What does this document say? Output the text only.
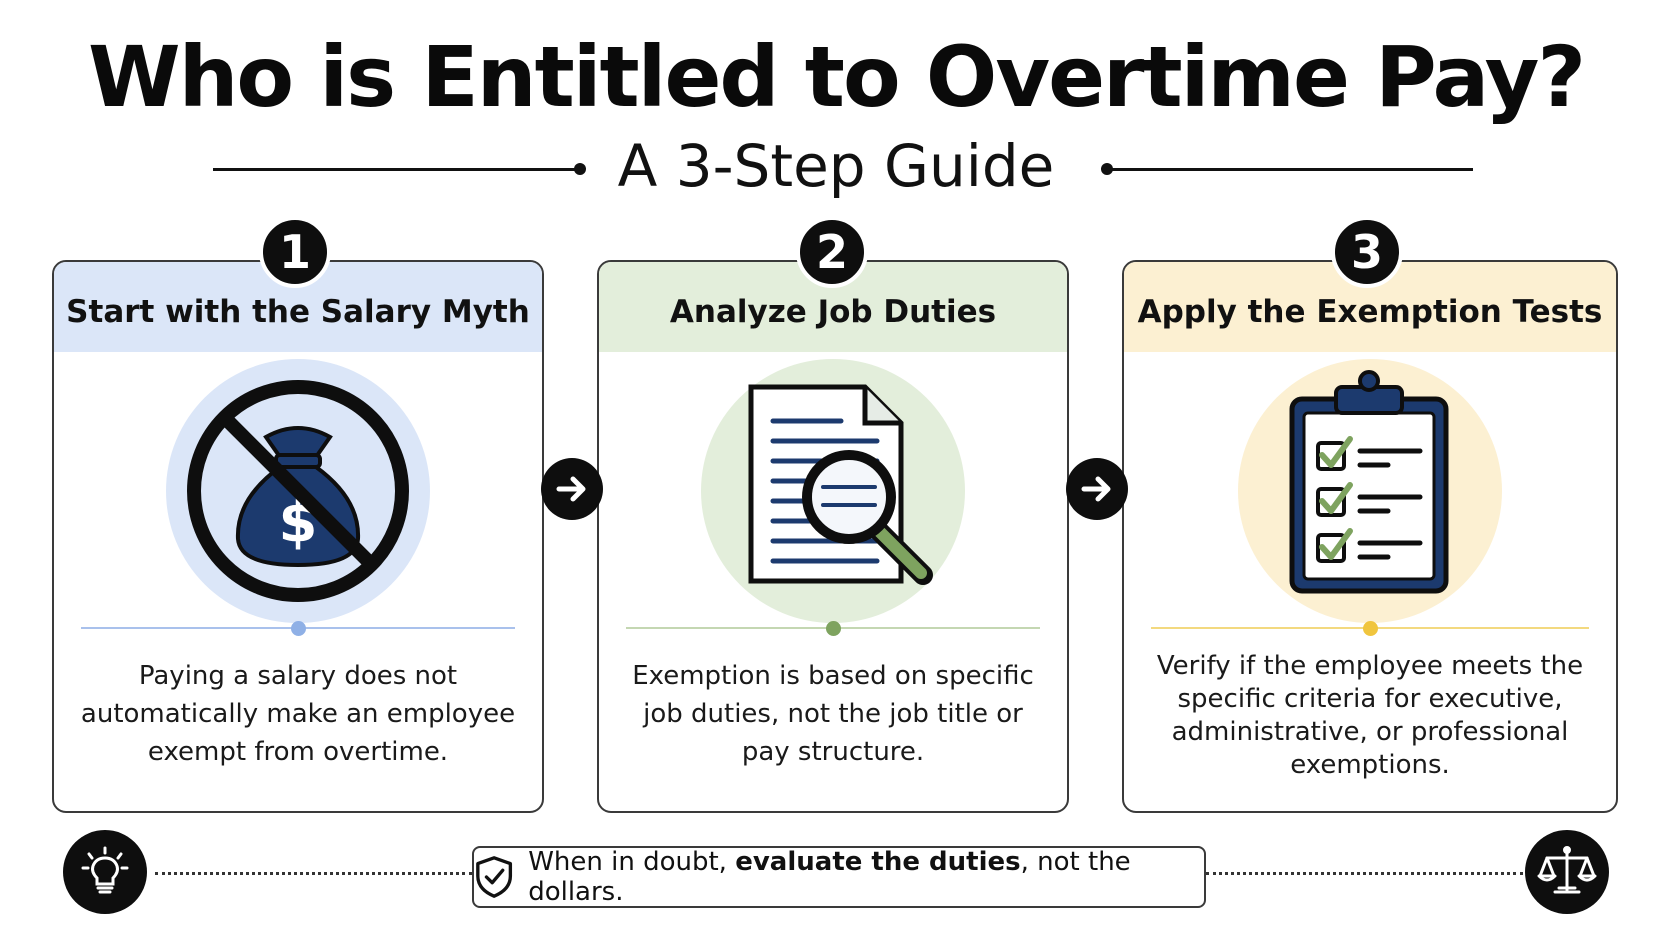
Who is Entitled to Overtime Pay?
A 3-Step Guide
Start with the Salary Myth
$
Paying a salary does not automatically make an employee exempt from overtime.
Analyze Job Duties
Exemption is based on specific job duties, not the job title or pay structure.
Apply the Exemption Tests
Verify if the employee meets the specific criteria for executive, administrative, or professional exemptions.
1	2	3
When in doubt, evaluate the duties, not the dollars.
